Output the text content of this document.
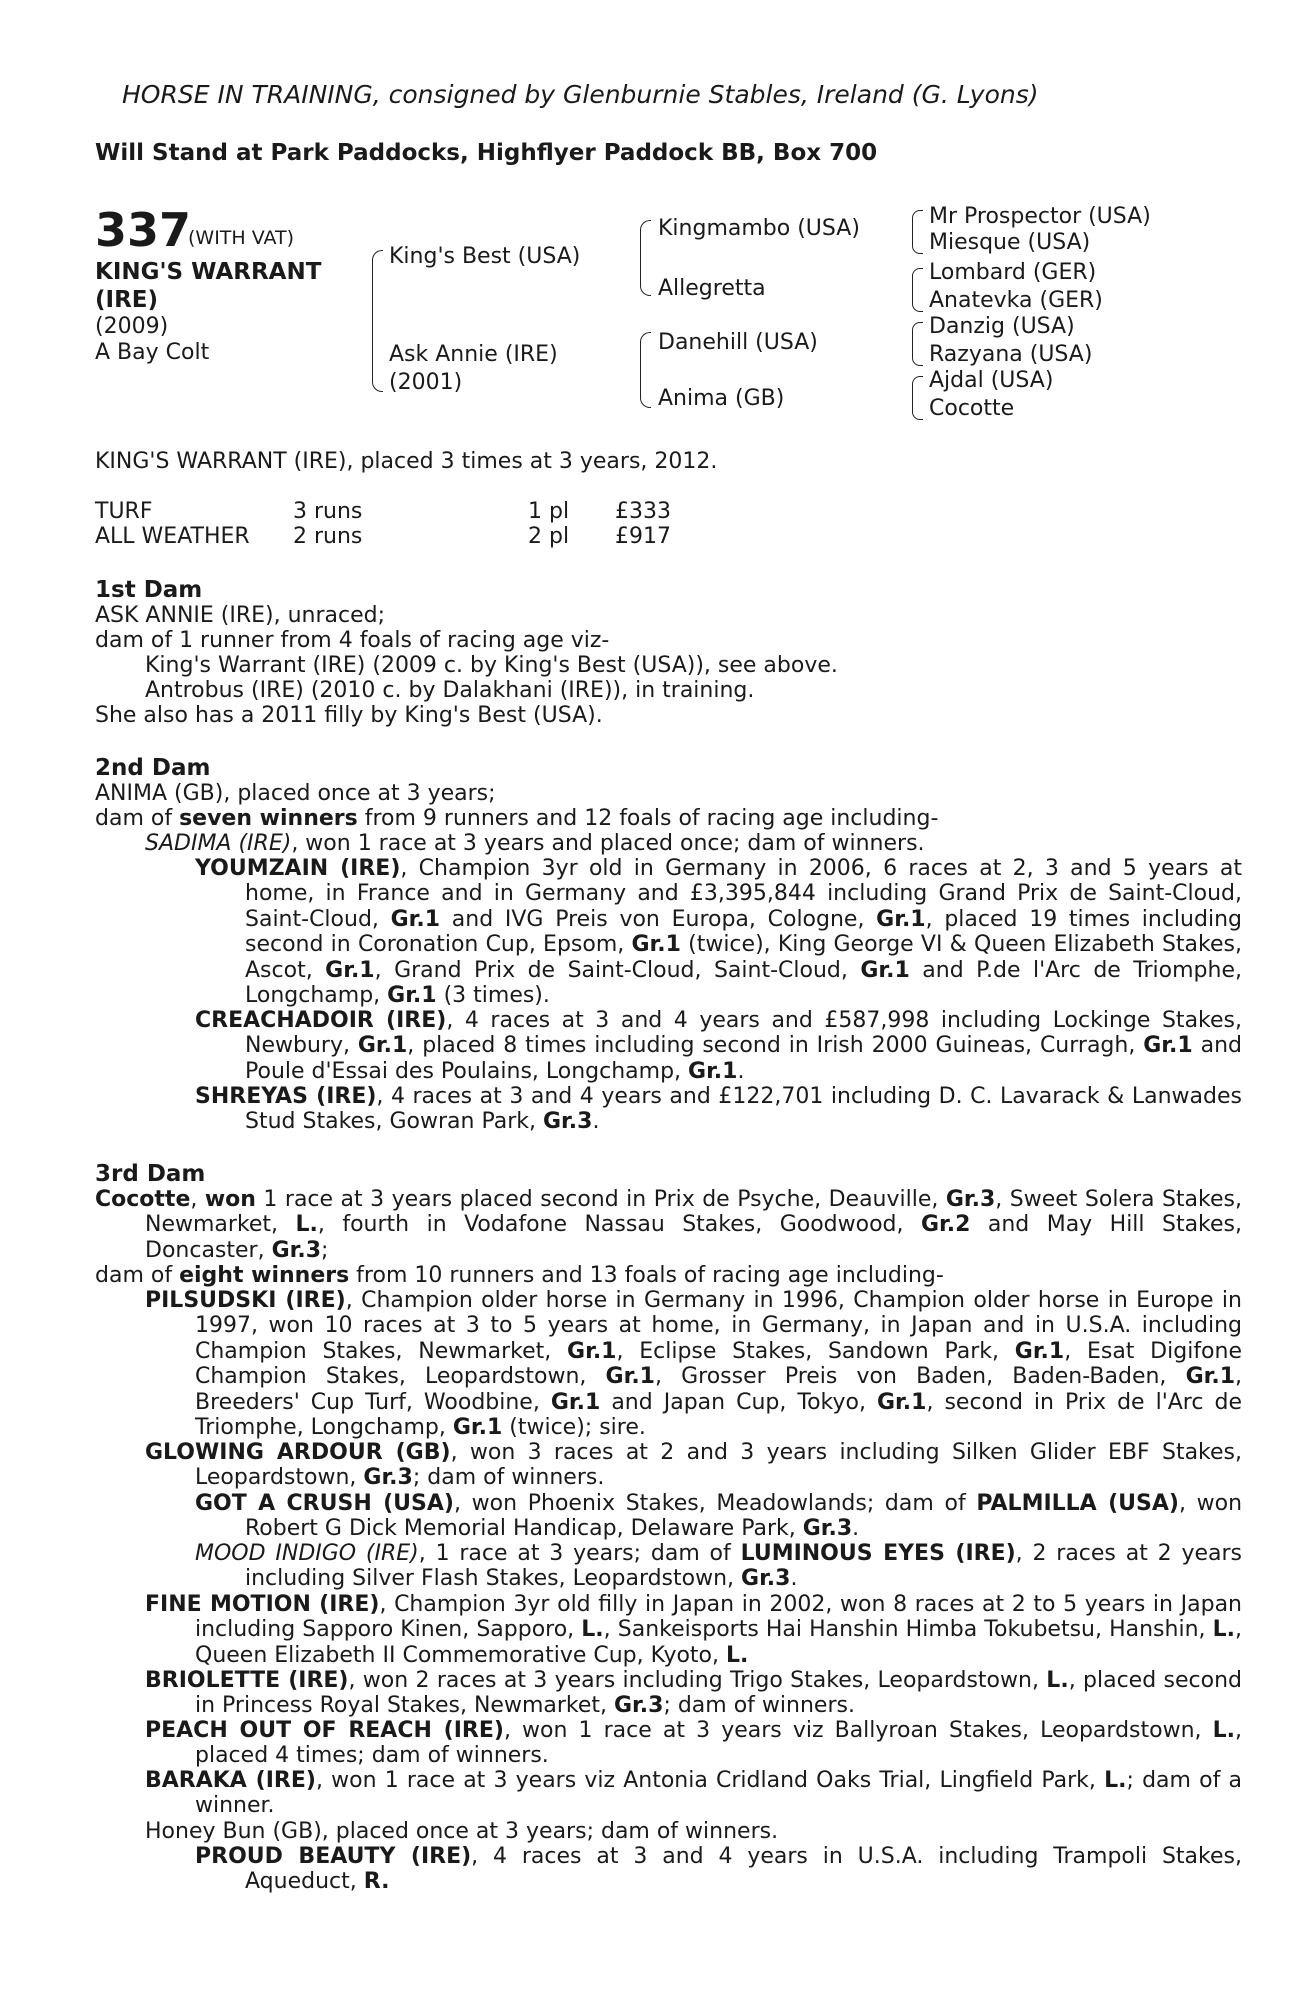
HORSE IN TRAINING, consigned by Glenburnie Stables, Ireland (G. Lyons)
Will Stand at Park Paddocks, Highflyer Paddock BB, Box 700
337
(WITH VAT)
KING'S WARRANT
(IRE)
(2009)
A Bay Colt
King's Best (USA)
Ask Annie (IRE)
(2001)
Kingmambo (USA)
Allegretta
Danehill (USA)
Anima (GB)
Mr Prospector (USA)
Miesque (USA)
Lombard (GER)
Anatevka (GER)
Danzig (USA)
Razyana (USA)
Ajdal (USA)
Cocotte
KING'S WARRANT (IRE), placed 3 times at 3 years, 2012.
TURF	3 runs	1 pl £333
ALL WEATHER 2 runs	2 pl £917
1st Dam
ASK ANNIE (IRE), unraced;
dam of 1 runner from 4 foals of racing age viz-
King's Warrant (IRE) (2009 c. by King's Best (USA)), see above.
Antrobus (IRE) (2010 c. by Dalakhani (IRE)), in training.
She also has a 2011 filly by King's Best (USA).
2nd Dam
ANIMA (GB), placed once at 3 years;
dam of seven winners from 9 runners and 12 foals of racing age including-
SADIMA (IRE), won 1 race at 3 years and placed once; dam of winners.
YOUMZAIN (IRE), Champion 3yr old in Germany in 2006, 6 races at 2, 3 and 5 years at home, in France and in Germany and £3,395,844 including Grand Prix de Saint-Cloud, Saint-Cloud, Gr.1 and IVG Preis von Europa, Cologne, Gr.1, placed 19 times including second in Coronation Cup, Epsom, Gr.1 (twice), King George VI & Queen Elizabeth Stakes, Ascot, Gr.1, Grand Prix de Saint-Cloud, Saint-Cloud, Gr.1 and P.de l'Arc de Triomphe, Longchamp, Gr.1 (3 times).
CREACHADOIR (IRE), 4 races at 3 and 4 years and £587,998 including Lockinge Stakes, Newbury, Gr.1, placed 8 times including second in Irish 2000 Guineas, Curragh, Gr.1 and Poule d'Essai des Poulains, Longchamp, Gr.1.
SHREYAS (IRE), 4 races at 3 and 4 years and £122,701 including D. C. Lavarack & Lanwades Stud Stakes, Gowran Park, Gr.3.
3rd Dam
Cocotte, won 1 race at 3 years placed second in Prix de Psyche, Deauville, Gr.3, Sweet Solera Stakes, Newmarket, L., fourth in Vodafone Nassau Stakes, Goodwood, Gr.2 and May Hill Stakes, Doncaster, Gr.3;
dam of eight winners from 10 runners and 13 foals of racing age including-
PILSUDSKI (IRE), Champion older horse in Germany in 1996, Champion older horse in Europe in 1997, won 10 races at 3 to 5 years at home, in Germany, in Japan and in U.S.A. including Champion Stakes, Newmarket, Gr.1, Eclipse Stakes, Sandown Park, Gr.1, Esat Digifone Champion Stakes, Leopardstown, Gr.1, Grosser Preis von Baden, Baden-Baden, Gr.1, Breeders' Cup Turf, Woodbine, Gr.1 and Japan Cup, Tokyo, Gr.1, second in Prix de l'Arc de Triomphe, Longchamp, Gr.1 (twice); sire.
GLOWING ARDOUR (GB), won 3 races at 2 and 3 years including Silken Glider EBF Stakes, Leopardstown, Gr.3; dam of winners.
GOT A CRUSH (USA), won Phoenix Stakes, Meadowlands; dam of PALMILLA (USA), won Robert G Dick Memorial Handicap, Delaware Park, Gr.3.
MOOD INDIGO (IRE), 1 race at 3 years; dam of LUMINOUS EYES (IRE), 2 races at 2 years including Silver Flash Stakes, Leopardstown, Gr.3.
FINE MOTION (IRE), Champion 3yr old filly in Japan in 2002, won 8 races at 2 to 5 years in Japan including Sapporo Kinen, Sapporo, L., Sankeisports Hai Hanshin Himba Tokubetsu, Hanshin, L., Queen Elizabeth II Commemorative Cup, Kyoto, L.
BRIOLETTE (IRE), won 2 races at 3 years including Trigo Stakes, Leopardstown, L., placed second in Princess Royal Stakes, Newmarket, Gr.3; dam of winners.
PEACH OUT OF REACH (IRE), won 1 race at 3 years viz Ballyroan Stakes, Leopardstown, L., placed 4 times; dam of winners.
BARAKA (IRE), won 1 race at 3 years viz Antonia Cridland Oaks Trial, Lingfield Park, L.; dam of a winner.
Honey Bun (GB), placed once at 3 years; dam of winners.
PROUD BEAUTY (IRE), 4 races at 3 and 4 years in U.S.A. including Trampoli Stakes, Aqueduct, R.
